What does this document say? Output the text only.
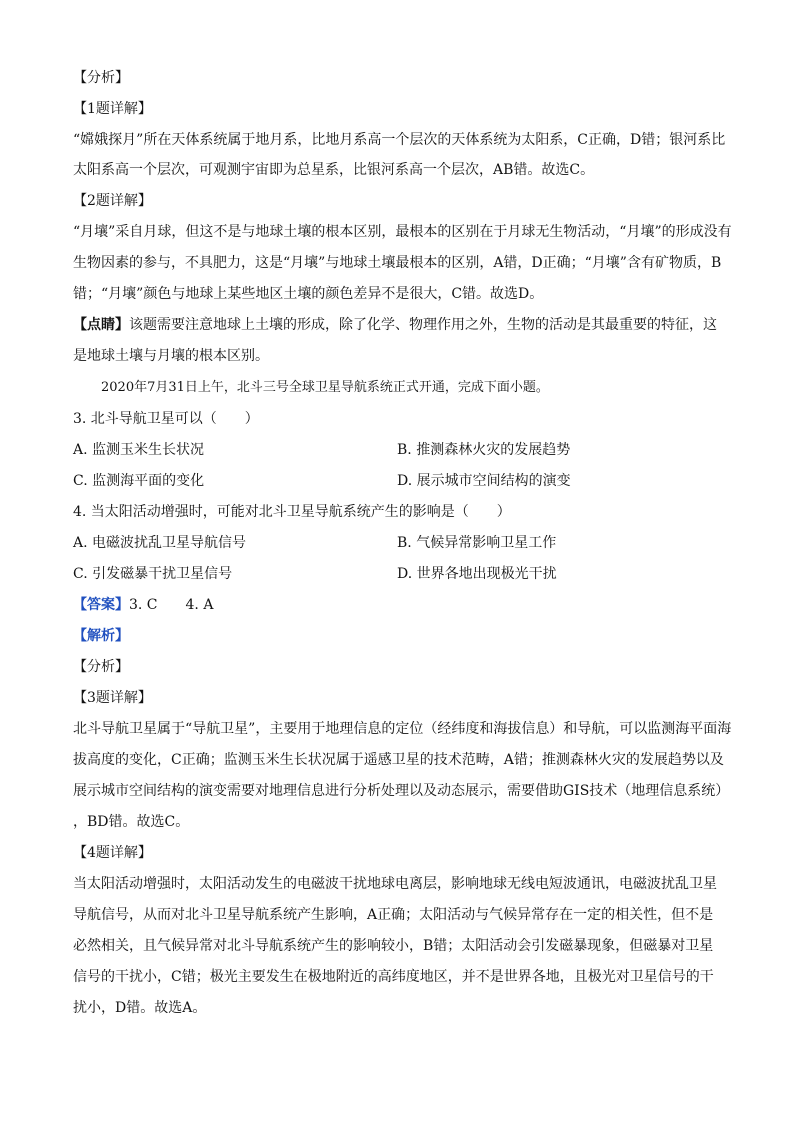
【分析】
【1题详解】
“嫦娥探月”所在天体系统属于地月系，比地月系高一个层次的天体系统为太阳系，C正确，D错；银河系比
太阳系高一个层次，可观测宇宙即为总星系，比银河系高一个层次，AB错。故选C。
【2题详解】
“月壤”采自月球，但这不是与地球土壤的根本区别，最根本的区别在于月球无生物活动，“月壤”的形成没有
生物因素的参与，不具肥力，这是“月壤”与地球土壤最根本的区别，A错，D正确；“月壤”含有矿物质，B
错；“月壤”颜色与地球上某些地区土壤的颜色差异不是很大，C错。故选D。
【点睛】该题需要注意地球上土壤的形成，除了化学、物理作用之外，生物的活动是其最重要的特征，这
是地球土壤与月壤的根本区别。
2020年7月31日上午，北斗三号全球卫星导航系统正式开通，完成下面小题。
3. 北斗导航卫星可以（　　）
A. 监测玉米生长状况	B. 推测森林火灾的发展趋势
C. 监测海平面的变化	D. 展示城市空间结构的演变
4. 当太阳活动增强时，可能对北斗卫星导航系统产生的影响是（　　）
A. 电磁波扰乱卫星导航信号	B. 气候异常影响卫星工作
C. 引发磁暴干扰卫星信号	D. 世界各地出现极光干扰
【答案】3. C　　4. A
【解析】
【分析】
【3题详解】
北斗导航卫星属于“导航卫星”，主要用于地理信息的定位（经纬度和海拔信息）和导航，可以监测海平面海
拔高度的变化，C正确；监测玉米生长状况属于遥感卫星的技术范畴，A错；推测森林火灾的发展趋势以及
展示城市空间结构的演变需要对地理信息进行分析处理以及动态展示，需要借助GIS技术（地理信息系统）
，BD错。故选C。
【4题详解】
当太阳活动增强时，太阳活动发生的电磁波干扰地球电离层，影响地球无线电短波通讯，电磁波扰乱卫星
导航信号，从而对北斗卫星导航系统产生影响，A正确；太阳活动与气候异常存在一定的相关性，但不是
必然相关，且气候异常对北斗导航系统产生的影响较小，B错；太阳活动会引发磁暴现象，但磁暴对卫星
信号的干扰小，C错；极光主要发生在极地附近的高纬度地区，并不是世界各地，且极光对卫星信号的干
扰小，D错。故选A。
